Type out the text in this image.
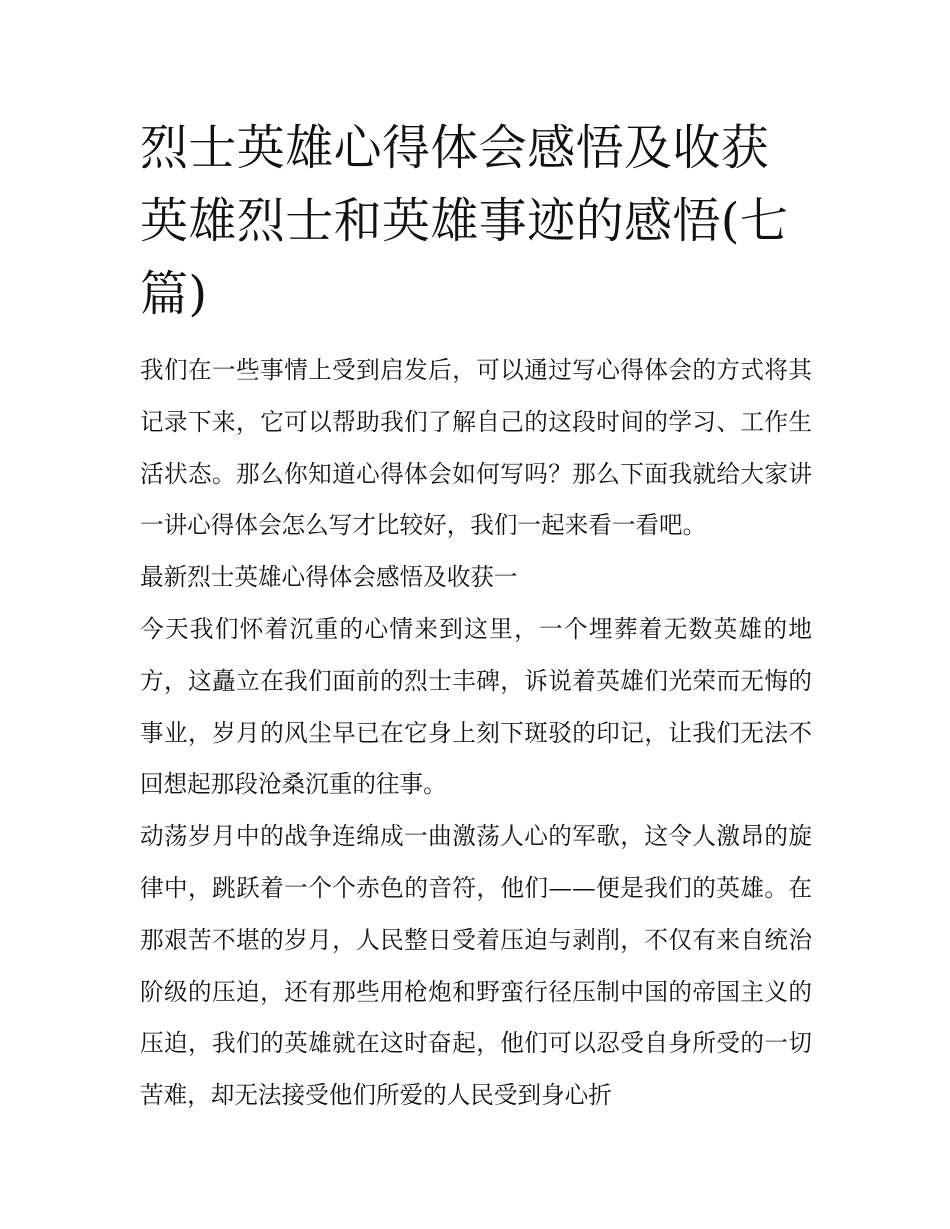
烈士英雄心得体会感悟及收获英雄烈士和英雄事迹的感悟(七篇)

我们在一些事情上受到启发后，可以通过写心得体会的方式将其记录下来，它可以帮助我们了解自己的这段时间的学习、工作生活状态。那么你知道心得体会如何写吗？那么下面我就给大家讲一讲心得体会怎么写才比较好，我们一起来看一看吧。

最新烈士英雄心得体会感悟及收获一

今天我们怀着沉重的心情来到这里，一个埋葬着无数英雄的地方，这矗立在我们面前的烈士丰碑，诉说着英雄们光荣而无悔的事业，岁月的风尘早已在它身上刻下斑驳的印记，让我们无法不回想起那段沧桑沉重的往事。

动荡岁月中的战争连绵成一曲激荡人心的军歌，这令人激昂的旋律中，跳跃着一个个赤色的音符，他们——便是我们的英雄。在那艰苦不堪的岁月，人民整日受着压迫与剥削，不仅有来自统治阶级的压迫，还有那些用枪炮和野蛮行径压制中国的帝国主义的压迫，我们的英雄就在这时奋起，他们可以忍受自身所受的一切苦难，却无法接受他们所爱的人民受到身心折
